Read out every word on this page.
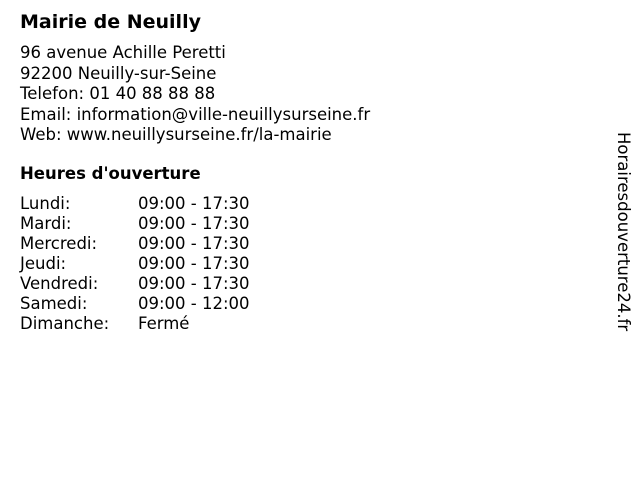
Mairie de Neuilly
96 avenue Achille Peretti
92200 Neuilly-sur-Seine
Telefon: 01 40 88 88 88
Email: information@ville-neuillysurseine.fr
Web: www.neuillysurseine.fr/la-mairie
Heures d'ouverture
Lundi:	09:00 - 17:30
Mardi:	09:00 - 17:30
Mercredi: 09:00 - 17:30
Jeudi:	09:00 - 17:30
Vendredi: 09:00 - 17:30
Samedi:	09:00 - 12:00
Dimanche: Fermé	Horairesdouverture24.fr
